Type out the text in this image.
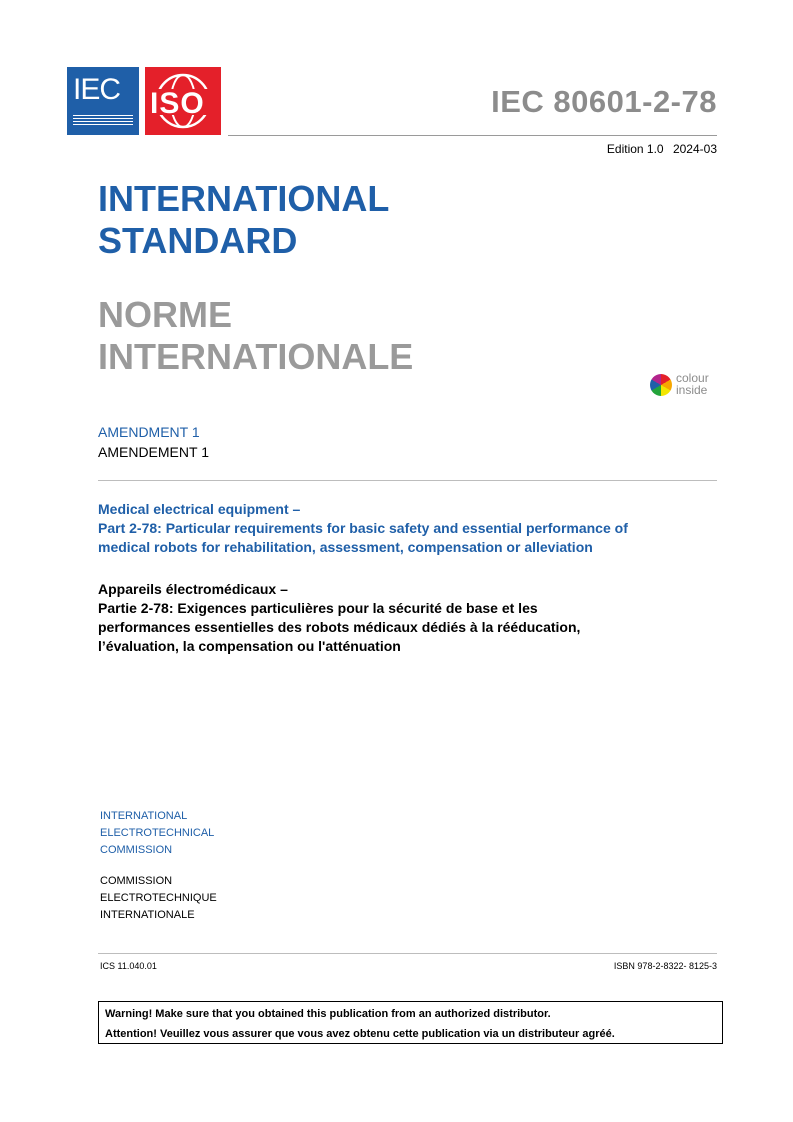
IEC ISO	IEC 80601-2-78
Edition 1.0 2024-03
INTERNATIONAL
STANDARD
NORME
INTERNATIONALE
colour
inside
AMENDMENT 1
AMENDEMENT 1
Medical electrical equipment –
Part 2-78: Particular requirements for basic safety and essential performance of
medical robots for rehabilitation, assessment, compensation or alleviation
Appareils électromédicaux –
Partie 2-78: Exigences particulières pour la sécurité de base et les
performances essentielles des robots médicaux dédiés à la rééducation,
l’évaluation, la compensation ou l'atténuation
INTERNATIONAL
ELECTROTECHNICAL
COMMISSION
COMMISSION
ELECTROTECHNIQUE
INTERNATIONALE
ICS 11.040.01	ISBN 978-2-8322- 8125-3
Warning! Make sure that you obtained this publication from an authorized distributor.
Attention! Veuillez vous assurer que vous avez obtenu cette publication via un distributeur agréé.
